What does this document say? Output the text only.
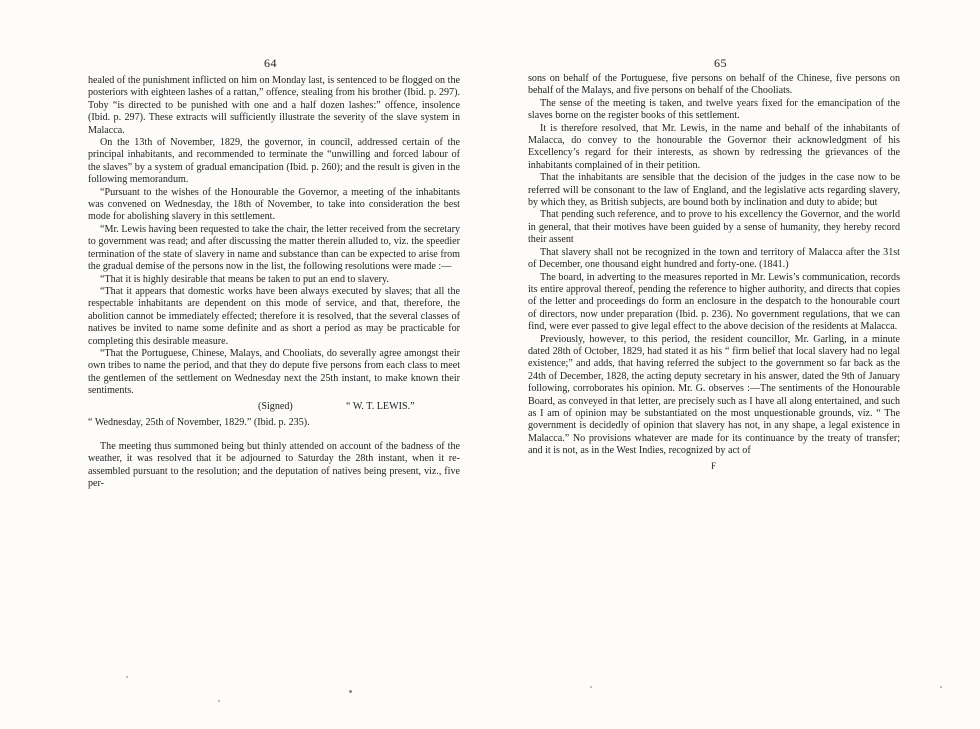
64

healed of the punishment inflicted on him on Monday last, is sentenced to be flogged on the posteriors with eighteen lashes of a rattan,” offence, stealing from his brother (Ibid. p. 297). Toby “is directed to be punished with one and a half dozen lashes:” offence, insolence (Ibid. p. 297). These extracts will sufficiently illustrate the severity of the slave system in Malacca.

On the 13th of November, 1829, the governor, in council, addressed certain of the principal inhabitants, and recommended to terminate the “unwilling and forced labour of the slaves” by a system of gradual emancipation (Ibid. p. 260); and the result is given in the following memorandum.

“Pursuant to the wishes of the Honourable the Governor, a meeting of the inhabitants was convened on Wednesday, the 18th of November, to take into consideration the best mode for abolishing slavery in this settlement.

“Mr. Lewis having been requested to take the chair, the letter received from the secretary to government was read; and after discussing the matter therein alluded to, viz. the speedier termination of the state of slavery in name and substance than can be expected to arise from the gradual demise of the persons now in the list, the following resolutions were made :—

“That it is highly desirable that means be taken to put an end to slavery.

“That it appears that domestic works have been always executed by slaves; that all the respectable inhabitants are dependent on this mode of service, and that, therefore, the abolition cannot be immediately effected; therefore it is resolved, that the several classes of natives be invited to name some definite and as short a period as may be practicable for completing this desirable measure.

“That the Portuguese, Chinese, Malays, and Chooliats, do severally agree amongst their own tribes to name the period, and that they do depute five persons from each class to meet the gentlemen of the settlement on Wednesday next the 25th instant, to make known their sentiments.

(Signed)	“ W. T. LEWIS.”

“ Wednesday, 25th of November, 1829.” (Ibid. p. 235).

The meeting thus summoned being but thinly attended on account of the badness of the weather, it was resolved that it be adjourned to Saturday the 28th instant, when it re-assembled pursuant to the resolution; and the deputation of natives being present, viz., five per-

65

sons on behalf of the Portuguese, five persons on behalf of the Chinese, five persons on behalf of the Malays, and five persons on behalf of the Chooliats.

The sense of the meeting is taken, and twelve years fixed for the emancipation of the slaves borne on the register books of this settlement.

It is therefore resolved, that Mr. Lewis, in the name and behalf of the inhabitants of Malacca, do convey to the honourable the Governor their acknowledgment of his Excellency’s regard for their interests, as shown by redressing the grievances of the inhabitants complained of in their petition.

That the inhabitants are sensible that the decision of the judges in the case now to be referred will be consonant to the law of England, and the legislative acts regarding slavery, by which they, as British subjects, are bound both by inclination and duty to abide; but

That pending such reference, and to prove to his excellency the Governor, and the world in general, that their motives have been guided by a sense of humanity, they hereby record their assent

That slavery shall not be recognized in the town and territory of Malacca after the 31st of December, one thousand eight hundred and forty-one. (1841.)

The board, in adverting to the measures reported in Mr. Lewis’s communication, records its entire approval thereof, pending the reference to higher authority, and directs that copies of the letter and proceedings do form an enclosure in the despatch to the honourable court of directors, now under preparation (Ibid. p. 236). No government regulations, that we can find, were ever passed to give legal effect to the above decision of the residents at Malacca.

Previously, however, to this period, the resident councillor, Mr. Garling, in a minute dated 28th of October, 1829, had stated it as his “ firm belief that local slavery had no legal existence;” and adds, that having referred the subject to the government so far back as the 24th of December, 1828, the acting deputy secretary in his answer, dated the 9th of January following, corroborates his opinion. Mr. G. observes :—The sentiments of the Honourable Board, as conveyed in that letter, are precisely such as I have all along entertained, and such as I am of opinion may be substantiated on the most unquestionable grounds, viz. “ The government is decidedly of opinion that slavery has not, in any shape, a legal existence in Malacca.” No provisions whatever are made for its continuance by the treaty of transfer; and it is not, as in the West Indies, recognized by act of

F
